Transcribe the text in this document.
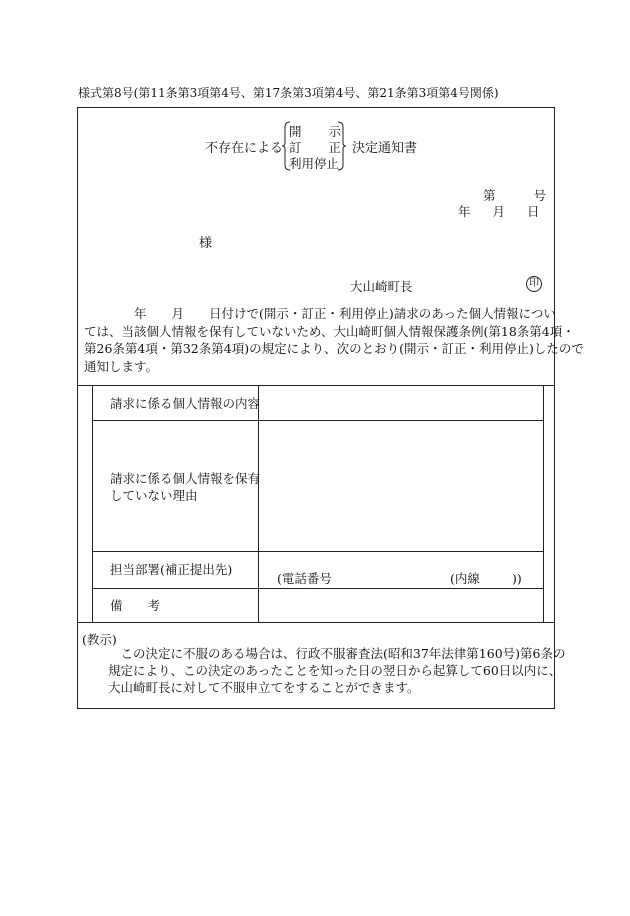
様式第8号(第11条第3項第4号、第17条第3項第4号、第21条第3項第4号関係)
不存在による
開 示
訂 正
利用停止
決定通知書
第	号
年 月 日
様
大山崎町長	印
　　　　年　　月　　日付けで(開示・訂正・利用停止)請求のあった個人情報につい
ては、当該個人情報を保有していないため、大山崎町個人情報保護条例(第18条第4項・
第26条第4項・第32条第4項)の規定により、次のとおり(開示・訂正・利用停止)したので
通知します。
請求に係る個人情報の内容
請求に係る個人情報を保有
していない理由
担当部署(補正提出先)
(電話番号	(内線	))
備　　考
(教示)
　この決定に不服のある場合は、行政不服審査法(昭和37年法律第160号)第6条の
規定により、この決定のあったことを知った日の翌日から起算して60日以内に、
大山崎町長に対して不服申立てをすることができます。
